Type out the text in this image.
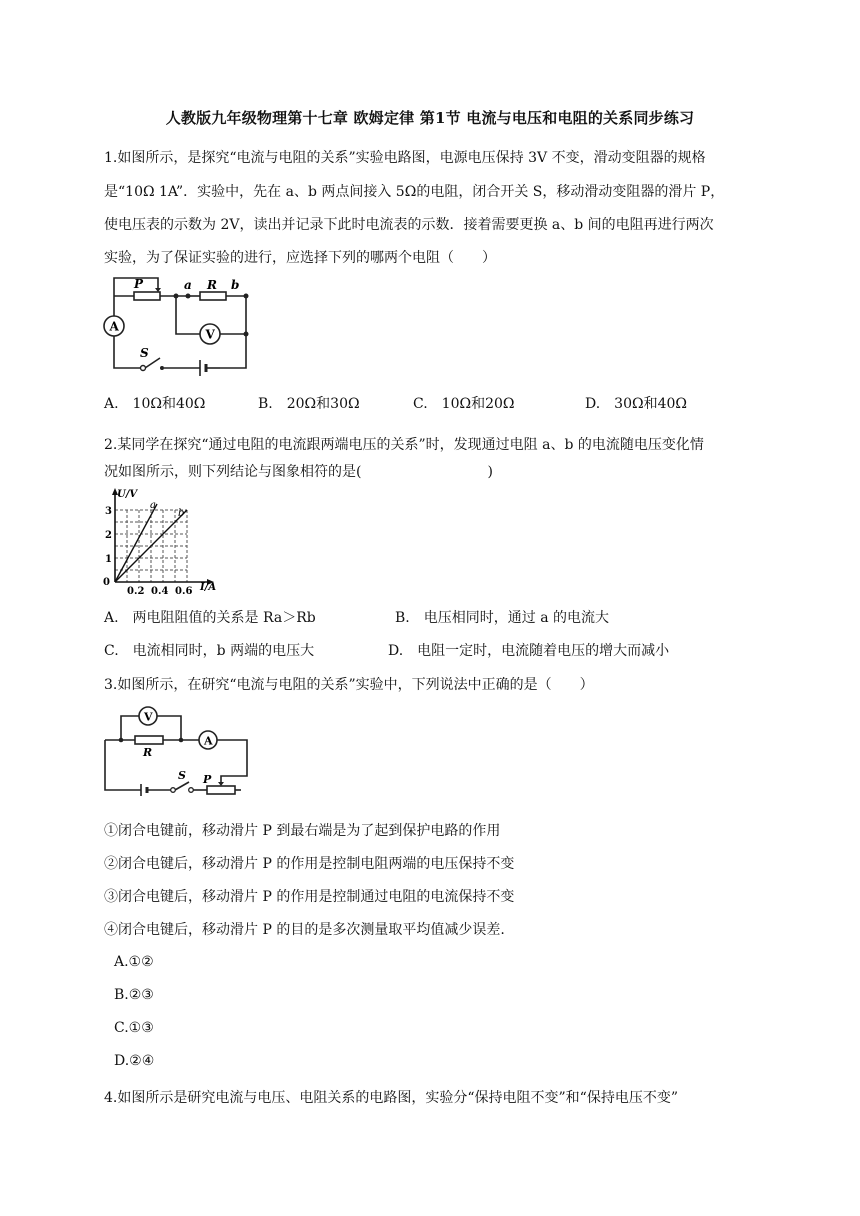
人教版九年级物理第十七章 欧姆定律 第1节 电流与电压和电阻的关系同步练习
1.如图所示，是探究“电流与电阻的关系”实验电路图，电源电压保持 3V 不变，滑动变阻器的规格
是“10Ω 1A”．实验中，先在 a、b 两点间接入 5Ω的电阻，闭合开关 S，移动滑动变阻器的滑片 P，
使电压表的示数为 2V，读出并记录下此时电流表的示数．接着需要更换 a、b 间的电阻再进行两次
实验，为了保证实验的进行，应选择下列的哪两个电阻（　　）
P	a R b
A
V
S
A.　10Ω和40Ω	B.　20Ω和30Ω	C.　10Ω和20Ω	D.　30Ω和40Ω
2.某同学在探究“通过电阻的电流跟两端电压的关系”时，发现通过电阻 a、b 的电流随电压变化情
况如图所示，则下列结论与图象相符的是(　　　　　　　　　)
a
b
U/V
I/A
0
1
2
3
0.2 0.4 0.6
A.　两电阻阻值的关系是 Ra＞Rb	B.　电压相同时，通过 a 的电流大
C.　电流相同时，b 两端的电压大	D.　电阻一定时，电流随着电压的增大而减小
3.如图所示，在研究“电流与电阻的关系”实验中，下列说法中正确的是（　　）
V
A
R
S P
①闭合电键前，移动滑片 P 到最右端是为了起到保护电路的作用
②闭合电键后，移动滑片 P 的作用是控制电阻两端的电压保持不变
③闭合电键后，移动滑片 P 的作用是控制通过电阻的电流保持不变
④闭合电键后，移动滑片 P 的目的是多次测量取平均值减少误差.
A.①②
B.②③
C.①③
D.②④
4.如图所示是研究电流与电压、电阻关系的电路图，实验分“保持电阻不变”和“保持电压不变”
